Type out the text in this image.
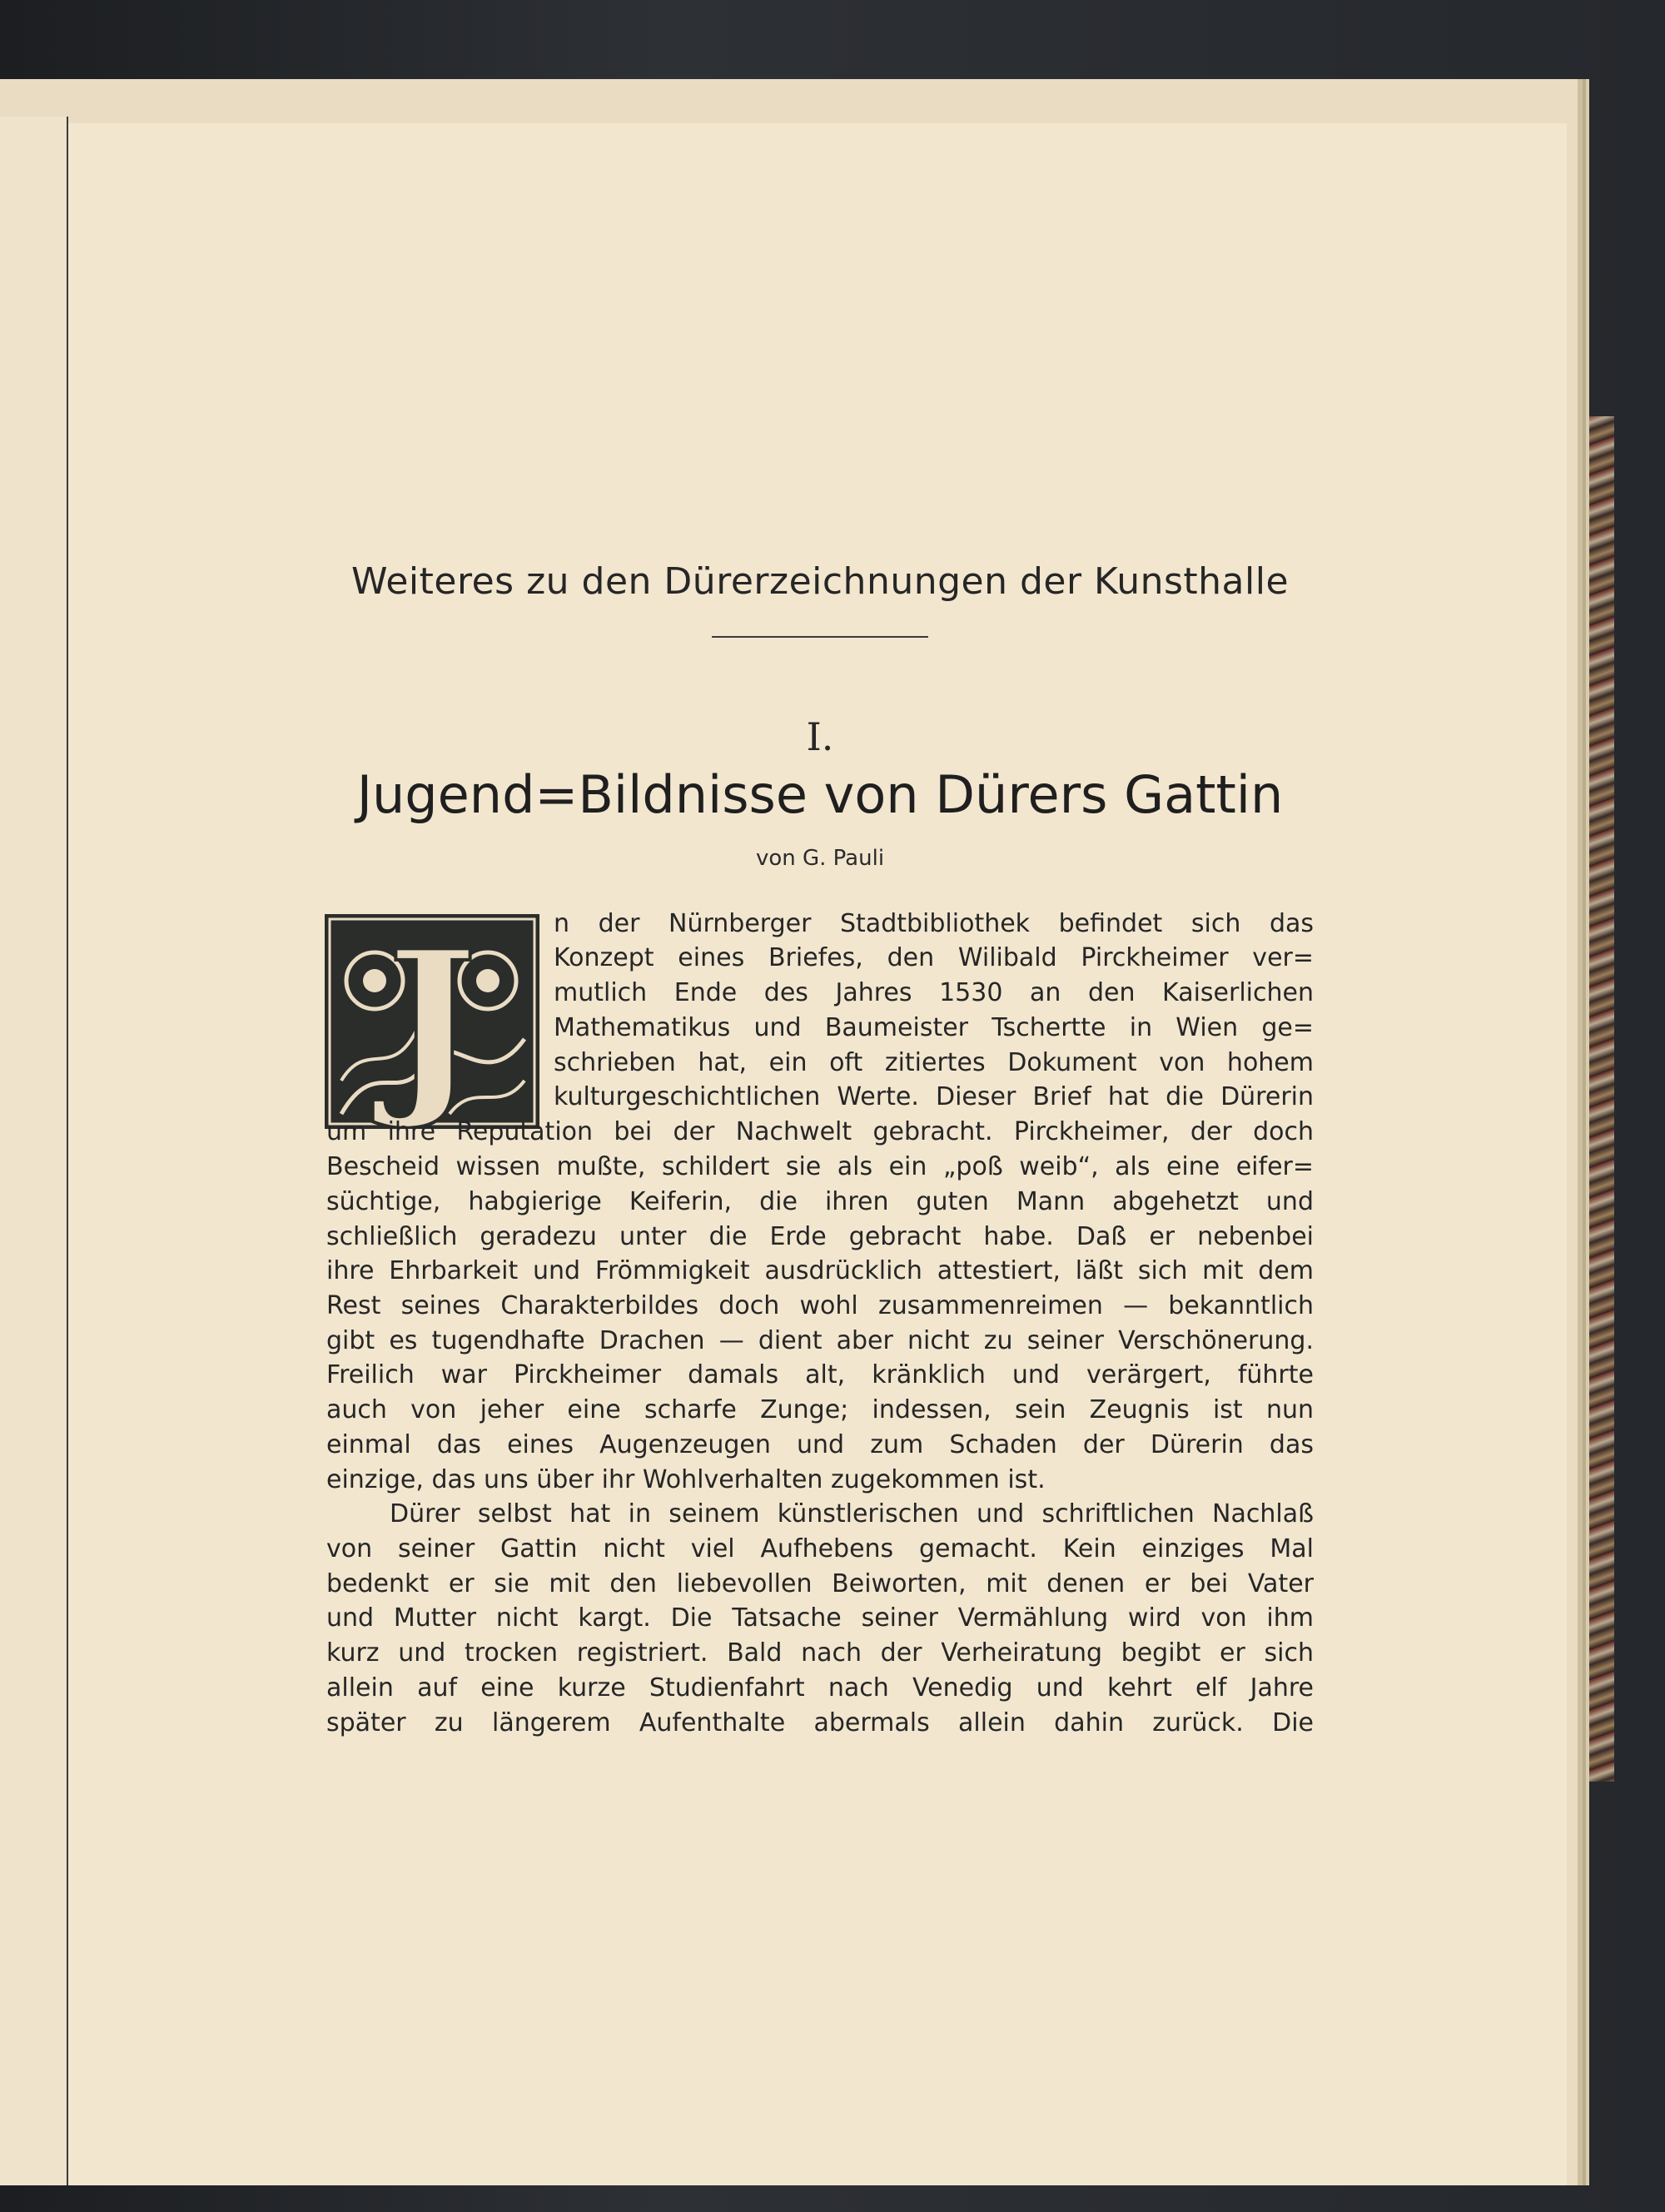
Weiteres zu den Dürerzeichnungen der Kunsthalle
I.
Jugend=Bildnisse von Dürers Gattin
von G. Pauli
J	n der Nürnberger Stadtbibliothek befindet sich das
Konzept eines Briefes, den Wilibald Pirckheimer ver=
mutlich Ende des Jahres 1530 an den Kaiserlichen
Mathematikus und Baumeister Tschertte in Wien ge=
schrieben hat, ein oft zitiertes Dokument von hohem
kulturgeschichtlichen Werte. Dieser Brief hat die Dürerin
um ihre Reputation bei der Nachwelt gebracht. Pirckheimer, der doch
Bescheid wissen mußte, schildert sie als ein „poß weib“, als eine eifer=
süchtige, habgierige Keiferin, die ihren guten Mann abgehetzt und
schließlich geradezu unter die Erde gebracht habe. Daß er nebenbei
ihre Ehrbarkeit und Frömmigkeit ausdrücklich attestiert, läßt sich mit dem
Rest seines Charakterbildes doch wohl zusammenreimen — bekanntlich
gibt es tugendhafte Drachen — dient aber nicht zu seiner Verschönerung.
Freilich war Pirckheimer damals alt, kränklich und verärgert, führte
auch von jeher eine scharfe Zunge; indessen, sein Zeugnis ist nun
einmal das eines Augenzeugen und zum Schaden der Dürerin das
einzige, das uns über ihr Wohlverhalten zugekommen ist.
Dürer selbst hat in seinem künstlerischen und schriftlichen Nachlaß
von seiner Gattin nicht viel Aufhebens gemacht. Kein einziges Mal
bedenkt er sie mit den liebevollen Beiworten, mit denen er bei Vater
und Mutter nicht kargt. Die Tatsache seiner Vermählung wird von ihm
kurz und trocken registriert. Bald nach der Verheiratung begibt er sich
allein auf eine kurze Studienfahrt nach Venedig und kehrt elf Jahre
später zu längerem Aufenthalte abermals allein dahin zurück. Die
